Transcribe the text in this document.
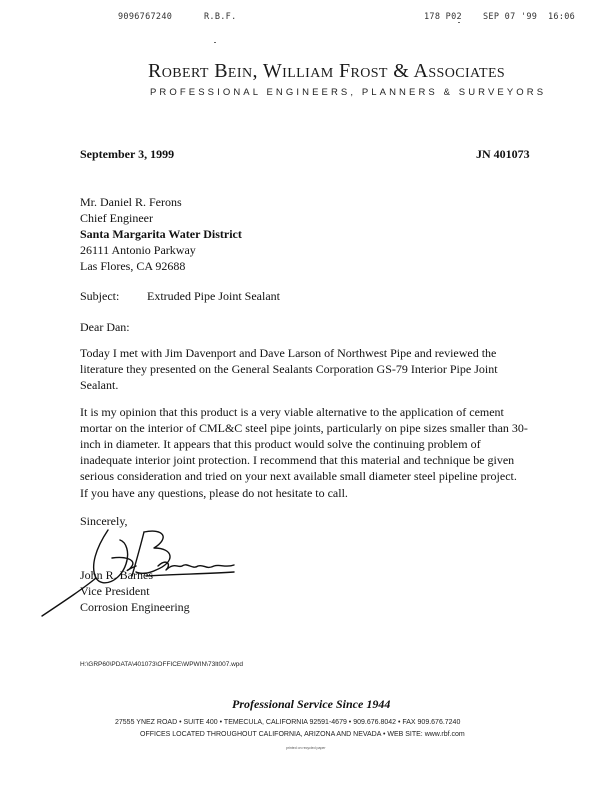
9096767240	R.B.F.	178 P02 SEP 07 '99 16:06
Robert Bein, William Frost & Associates
PROFESSIONAL ENGINEERS, PLANNERS & SURVEYORS
September 3, 1999	JN 401073
Mr. Daniel R. Ferons
Chief Engineer
Santa Margarita Water District
26111 Antonio Parkway
Las Flores, CA 92688
Subject: Extruded Pipe Joint Sealant
Dear Dan:
Today I met with Jim Davenport and Dave Larson of Northwest Pipe and reviewed the
literature they presented on the General Sealants Corporation GS-79 Interior Pipe Joint
Sealant.
It is my opinion that this product is a very viable alternative to the application of cement
mortar on the interior of CML&C steel pipe joints, particularly on pipe sizes smaller than 30-
inch in diameter. It appears that this product would solve the continuing problem of
inadequate interior joint protection. I recommend that this material and technique be given
serious consideration and tried on your next available small diameter steel pipeline project.
If you have any questions, please do not hesitate to call.
Sincerely,
John R. Barnes
Vice President
Corrosion Engineering
H:\GRP60\PDATA\401073\OFFICE\WPWIN\73lt007.wpd
Professional Service Since 1944
27555 YNEZ ROAD • SUITE 400 • TEMECULA, CALIFORNIA 92591-4679 • 909.676.8042 • FAX 909.676.7240
OFFICES LOCATED THROUGHOUT CALIFORNIA, ARIZONA AND NEVADA • WEB SITE: www.rbf.com
printed on recycled paper
